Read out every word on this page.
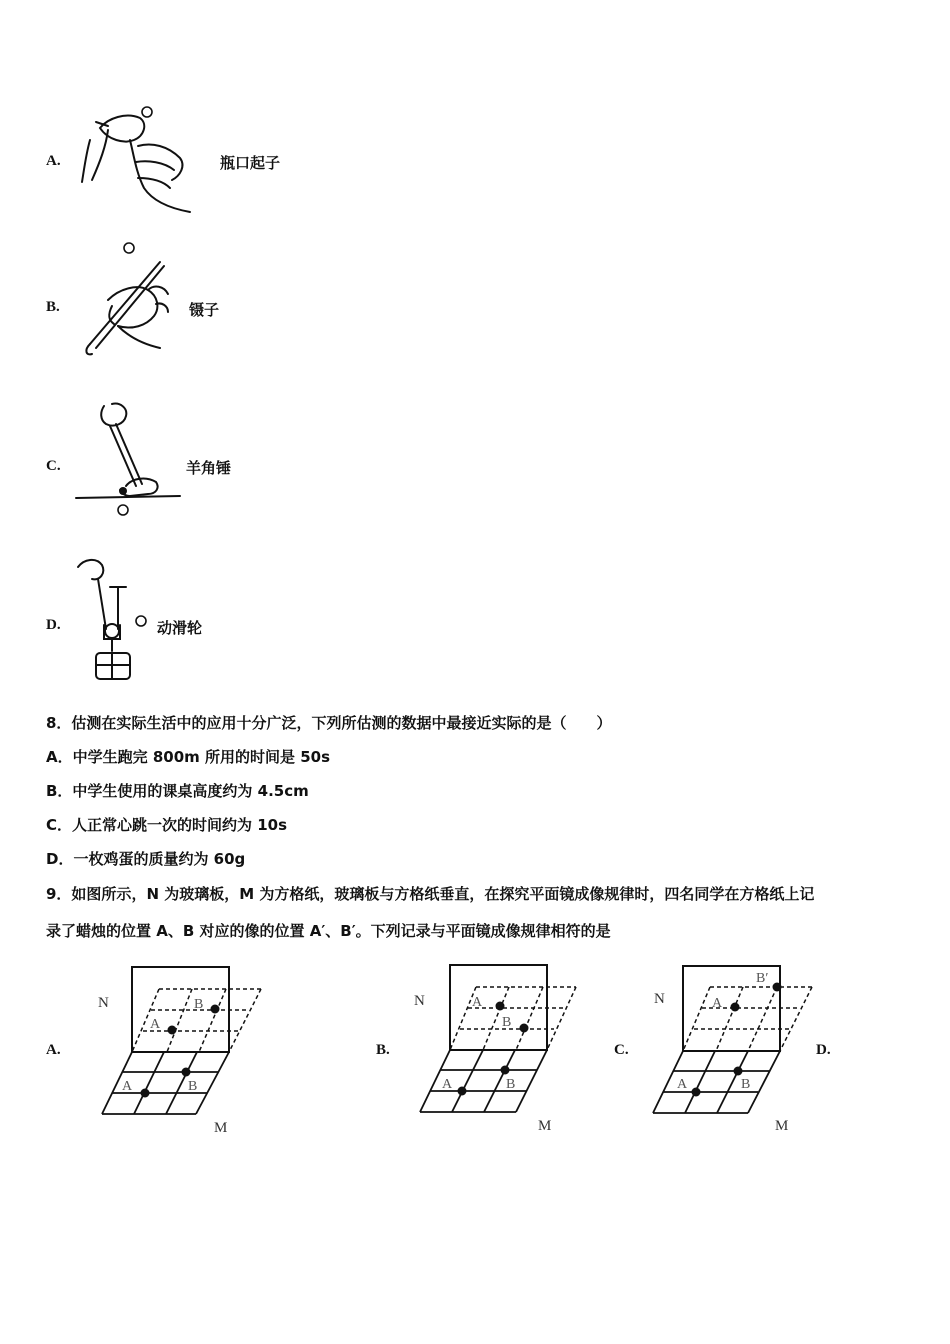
A.	瓶口起子
B.	镊子
C.	羊角锤
D.	动滑轮
8．估测在实际生活中的应用十分广泛，下列所估测的数据中最接近实际的是（　　）
A．中学生跑完 800m 所用的时间是 50s
B．中学生使用的课桌高度约为 4.5cm
C．人正常心跳一次的时间约为 10s
D．一枚鸡蛋的质量约为 60g
9．如图所示，N 为玻璃板，M 为方格纸，玻璃板与方格纸垂直，在探究平面镜成像规律时，四名同学在方格纸上记
录了蜡烛的位置 A、B 对应的像的位置 A′、B′。下列记录与平面镜成像规律相符的是
A.	B.	C.	D.
N
M
A
B
A	B
N
M
A
B
A	B
N
M
A
B′
A	B
